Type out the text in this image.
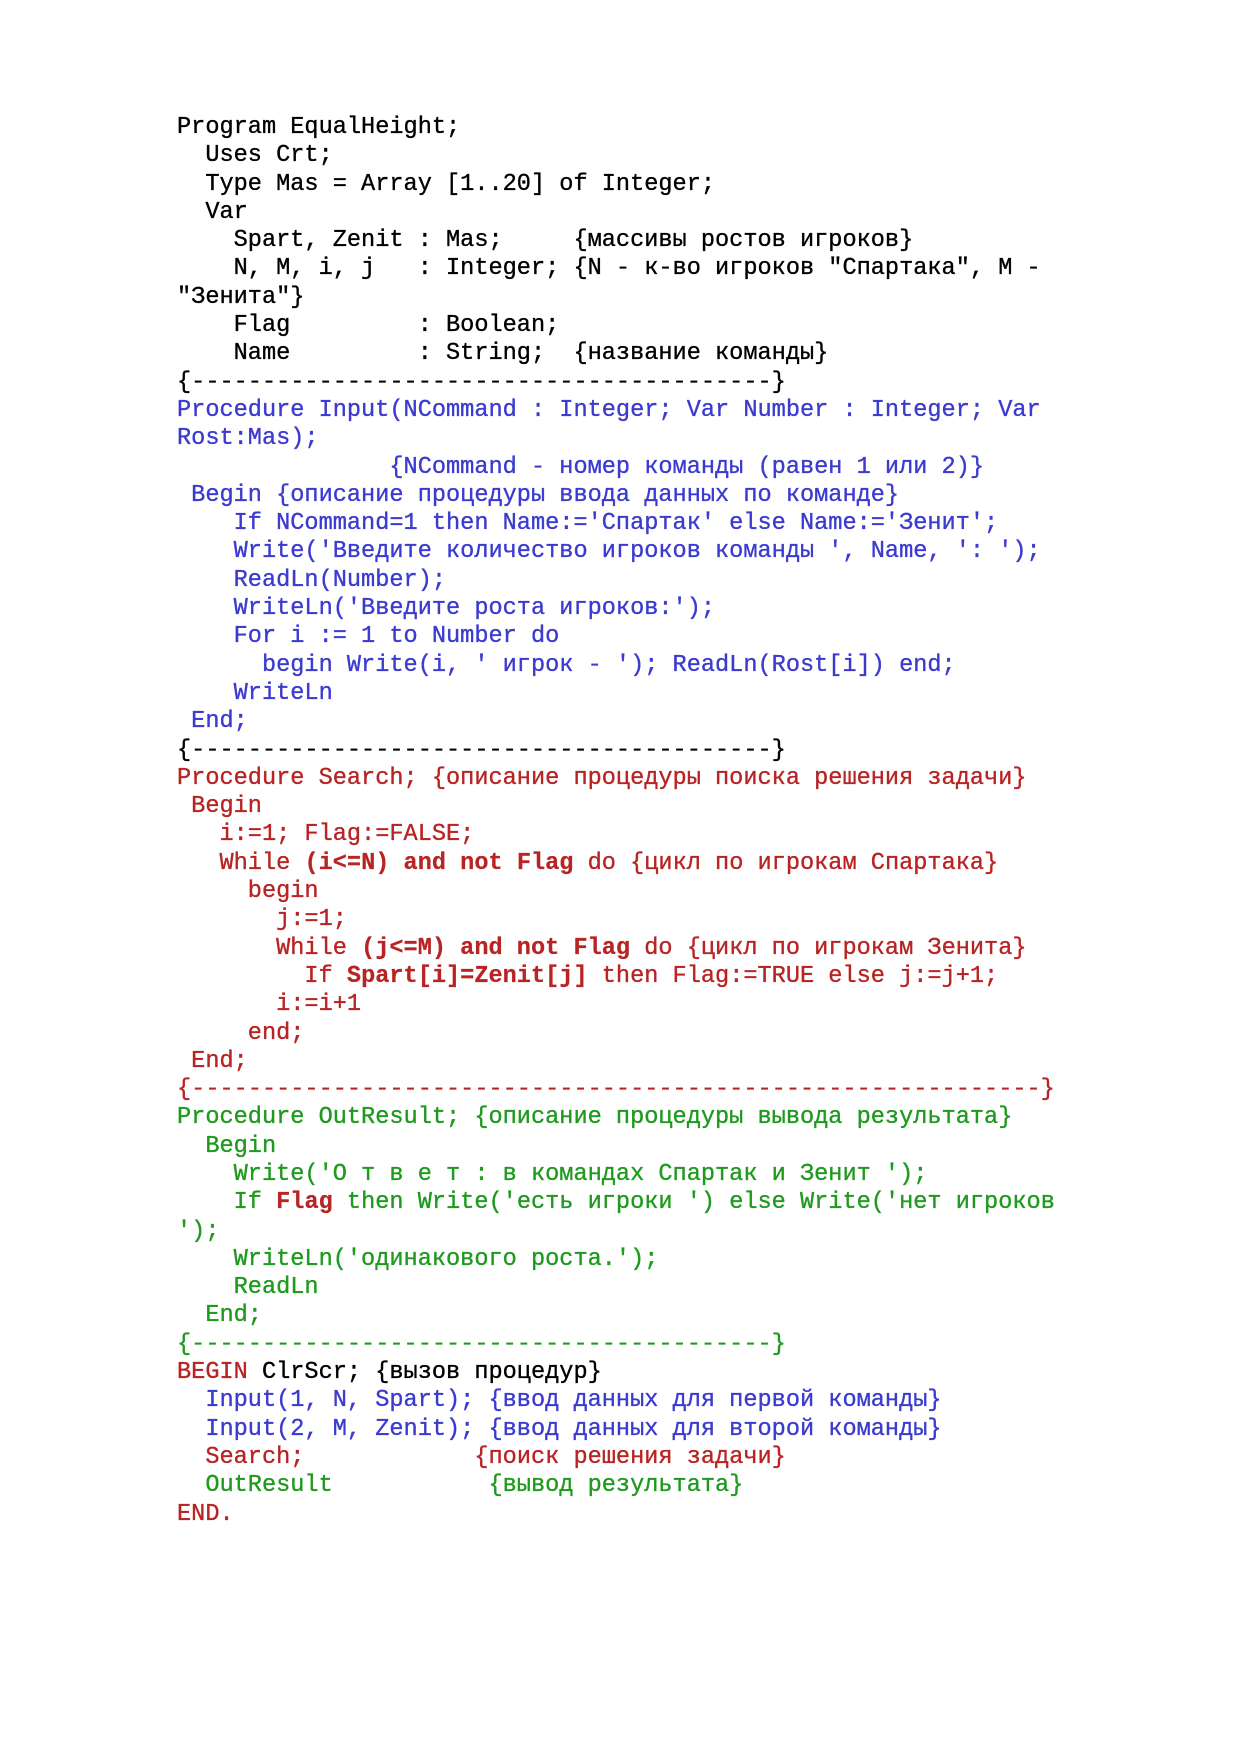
Program EqualHeight;
Uses Crt;
Type Mas = Array [1..20] of Integer;
Var
Spart, Zenit : Mas;     {массивы ростов игроков}
N, M, i, j   : Integer; {N - к-во игроков "Спартака", M -
"Зенита"}
Flag         : Boolean;
Name         : String;  {название команды}
{-----------------------------------------}
Procedure Input(NCommand : Integer; Var Number : Integer; Var
Rost:Mas);
{NCommand - номер команды (равен 1 или 2)}
Begin {описание процедуры ввода данных по команде}
If NCommand=1 then Name:='Спартак' else Name:='Зенит';
Write('Введите количество игроков команды ', Name, ': ');
ReadLn(Number);
WriteLn('Введите роста игроков:');
For i := 1 to Number do
begin Write(i, ' игрок - '); ReadLn(Rost[i]) end;
WriteLn
End;
{-----------------------------------------}
Procedure Search; {описание процедуры поиска решения задачи}
Begin
i:=1; Flag:=FALSE;
While (i<=N) and not Flag do {цикл по игрокам Спартака}
begin
j:=1;
While (j<=M) and not Flag do {цикл по игрокам Зенита}
If Spart[i]=Zenit[j] then Flag:=TRUE else j:=j+1;
i:=i+1
end;
End;
{------------------------------------------------------------}
Procedure OutResult; {описание процедуры вывода результата}
Begin
Write('О т в е т : в командах Спартак и Зенит ');
If Flag then Write('есть игроки ') else Write('нет игроков
');
WriteLn('одинакового роста.');
ReadLn
End;
{-----------------------------------------}
BEGIN ClrScr; {вызов процедур}
Input(1, N, Spart); {ввод данных для первой команды}
Input(2, M, Zenit); {ввод данных для второй команды}
Search;	{поиск решения задачи}
OutResult           {вывод результата}
END.
